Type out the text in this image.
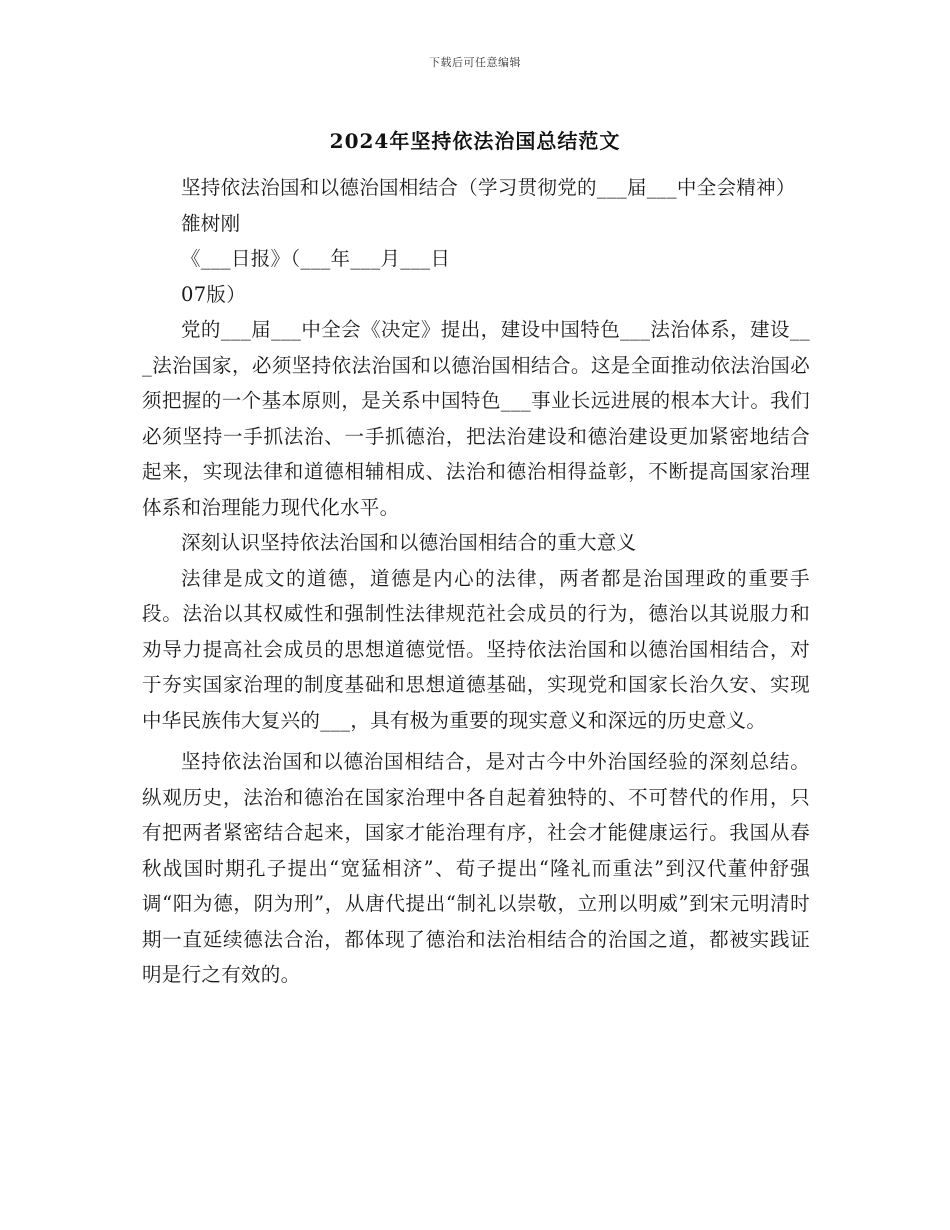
下载后可任意编辑
2024年坚持依法治国总结范文

坚持依法治国和以德治国相结合（学习贯彻党的___届___中全会精神）

雒树刚

《___日报》（___年___月___日

07版）

党的___届___中全会《决定》提出，建设中国特色___法治体系，建设___法治国家，必须坚持依法治国和以德治国相结合。这是全面推动依法治国必须把握的一个基本原则，是关系中国特色___事业长远进展的根本大计。我们必须坚持一手抓法治、一手抓德治，把法治建设和德治建设更加紧密地结合起来，实现法律和道德相辅相成、法治和德治相得益彰，不断提高国家治理体系和治理能力现代化水平。

深刻认识坚持依法治国和以德治国相结合的重大意义

法律是成文的道德，道德是内心的法律，两者都是治国理政的重要手段。法治以其权威性和强制性法律规范社会成员的行为，德治以其说服力和劝导力提高社会成员的思想道德觉悟。坚持依法治国和以德治国相结合，对于夯实国家治理的制度基础和思想道德基础，实现党和国家长治久安、实现中华民族伟大复兴的___，具有极为重要的现实意义和深远的历史意义。

坚持依法治国和以德治国相结合，是对古今中外治国经验的深刻总结。纵观历史，法治和德治在国家治理中各自起着独特的、不可替代的作用，只有把两者紧密结合起来，国家才能治理有序，社会才能健康运行。我国从春秋战国时期孔子提出“宽猛相济”、荀子提出“隆礼而重法”到汉代董仲舒强调“阳为德，阴为刑”，从唐代提出“制礼以崇敬，立刑以明威”到宋元明清时期一直延续德法合治，都体现了德治和法治相结合的治国之道，都被实践证明是行之有效的。
